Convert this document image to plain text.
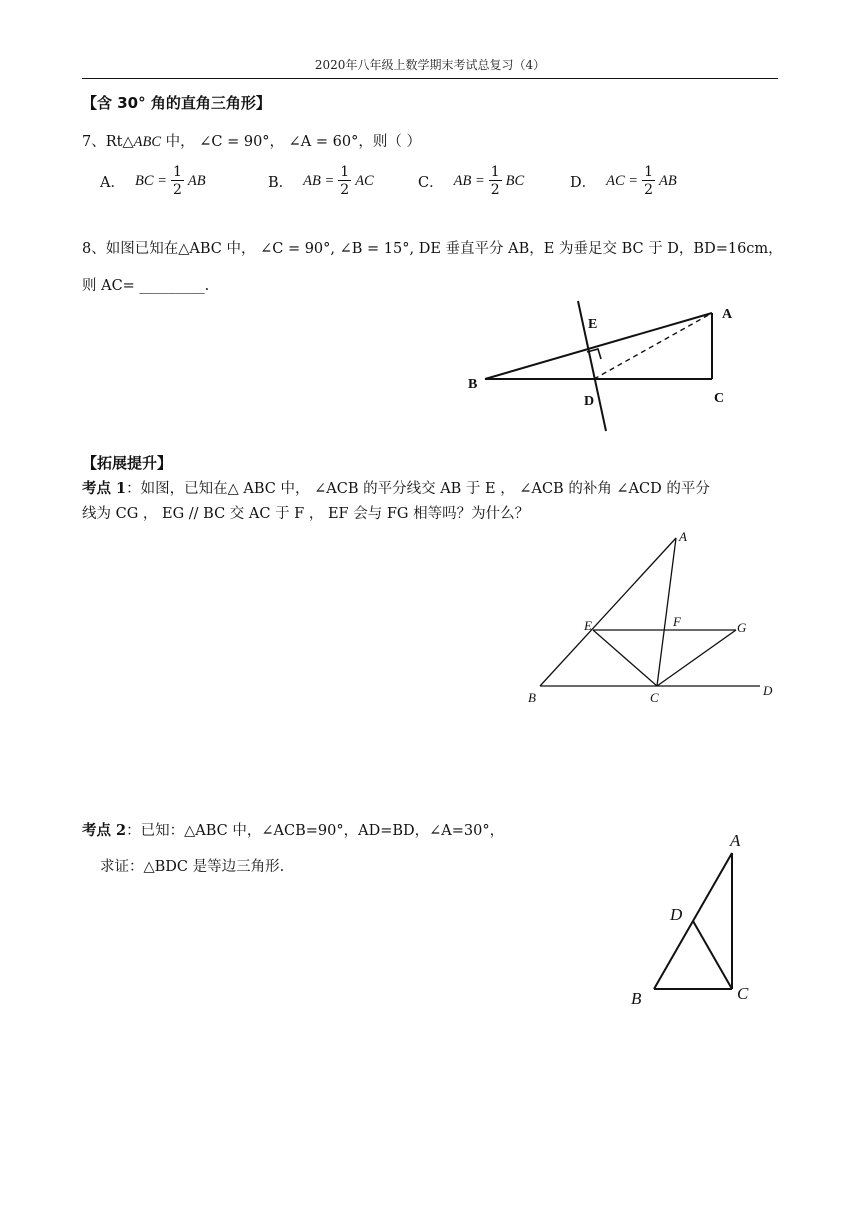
2020年八年级上数学期末考试总复习（4）
【含 30° 角的直角三角形】
7、Rt△ABC 中， ∠C = 90°， ∠A = 60°，则（ ）
A． BC = $\frac{1}{2}$ AB	B． AB = $\frac{1}{2}$ AC	C． AB = $\frac{1}{2}$ BC	D． AC = $\frac{1}{2}$ AB
8、如图已知在△ABC 中， ∠C = 90°, ∠B = 15°, DE 垂直平分 AB，E 为垂足交 BC 于 D，BD=16cm，
则 AC= _________.
E
A
B
D	C
【拓展提升】
考点 1：如图，已知在△ ABC 中， ∠ACB 的平分线交 AB 于 E ， ∠ACB 的补角 ∠ACD 的平分
线为 CG ， EG // BC 交 AC 于 F ， EF 会与 FG 相等吗？为什么？
A
E	F	G
B	C	D
考点 2：已知：△ABC 中，∠ACB=90°，AD=BD，∠A=30°，
求证：△BDC 是等边三角形.
A
D
B	C
